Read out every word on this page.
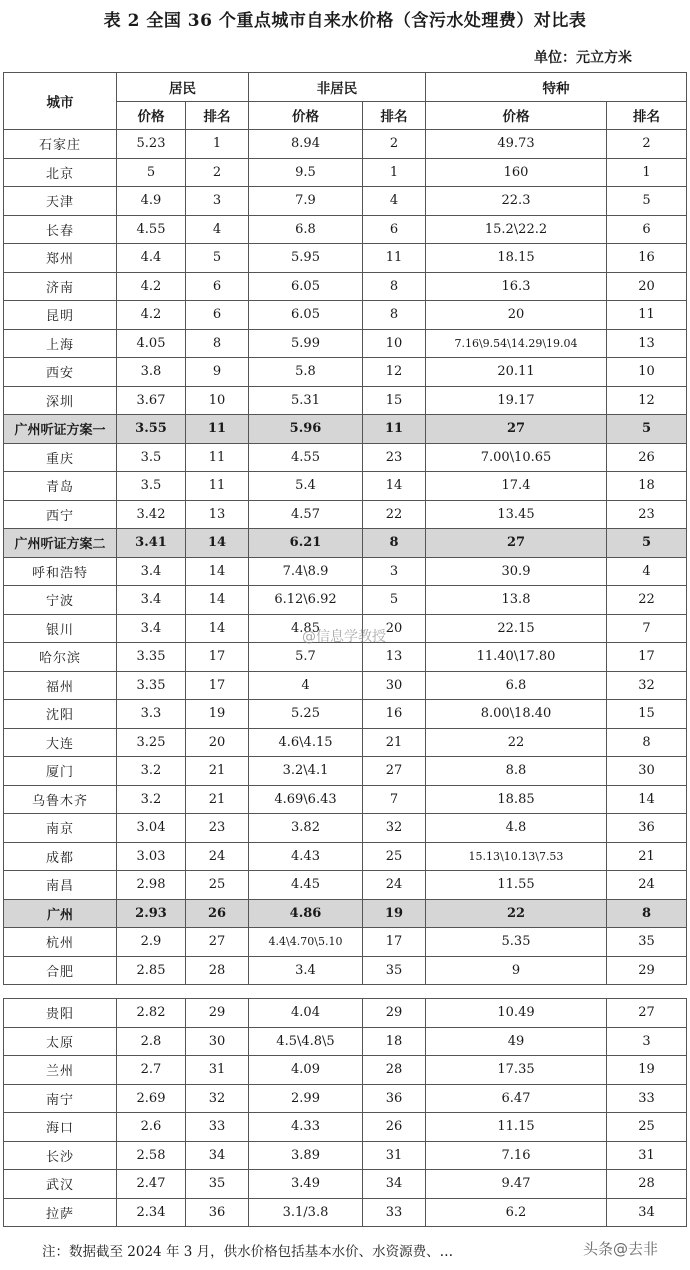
表 2 全国 36 个重点城市自来水价格（含污水处理费）对比表
单位：元立方米
城市	居民		非居民		特种	
	价格	排名	价格	排名	价格	排名
石家庄	5.23	1	8.94	2	49.73	2
北京	5	2	9.5	1	160	1
天津	4.9	3	7.9	4	22.3	5
长春	4.55	4	6.8	6	15.2\22.2	6
郑州	4.4	5	5.95	11	18.15	16
济南	4.2	6	6.05	8	16.3	20
昆明	4.2	6	6.05	8	20	11
上海	4.05	8	5.99	10	7.16\9.54\14.29\19.04	13
西安	3.8	9	5.8	12	20.11	10
深圳	3.67	10	5.31	15	19.17	12
广州听证方案一	3.55	11	5.96	11	27	5
重庆	3.5	11	4.55	23	7.00\10.65	26
青岛	3.5	11	5.4	14	17.4	18
西宁	3.42	13	4.57	22	13.45	23
广州听证方案二	3.41	14	6.21	8	27	5
呼和浩特	3.4	14	7.4\8.9	3	30.9	4
宁波	3.4	14	6.12\6.92	5	13.8	22
银川	3.4	14	4.85	20	22.15	7
哈尔滨	3.35	17	5.7	13	11.40\17.80	17
福州	3.35	17	4	30	6.8	32
沈阳	3.3	19	5.25	16	8.00\18.40	15
大连	3.25	20	4.6\4.15	21	22	8
厦门	3.2	21	3.2\4.1	27	8.8	30
乌鲁木齐	3.2	21	4.69\6.43	7	18.85	14
南京	3.04	23	3.82	32	4.8	36
成都	3.03	24	4.43	25	15.13\10.13\7.53	21
南昌	2.98	25	4.45	24	11.55	24
广州	2.93	26	4.86	19	22	8
杭州	2.9	27	4.4\4.70\5.10	17	5.35	35
合肥	2.85	28	3.4	35	9	29
贵阳	2.82	29	4.04	29	10.49	27
太原	2.8	30	4.5\4.8\5	18	49	3
兰州	2.7	31	4.09	28	17.35	19
南宁	2.69	32	2.99	36	6.47	33
海口	2.6	33	4.33	26	11.15	25
长沙	2.58	34	3.89	31	7.16	31
武汉	2.47	35	3.49	34	9.47	28
拉萨	2.34	36	3.1/3.8	33	6.2	34
@信息学教授
注：数据截至 2024 年 3 月，供水价格包括基本水价、水资源费、…	头条@去非
